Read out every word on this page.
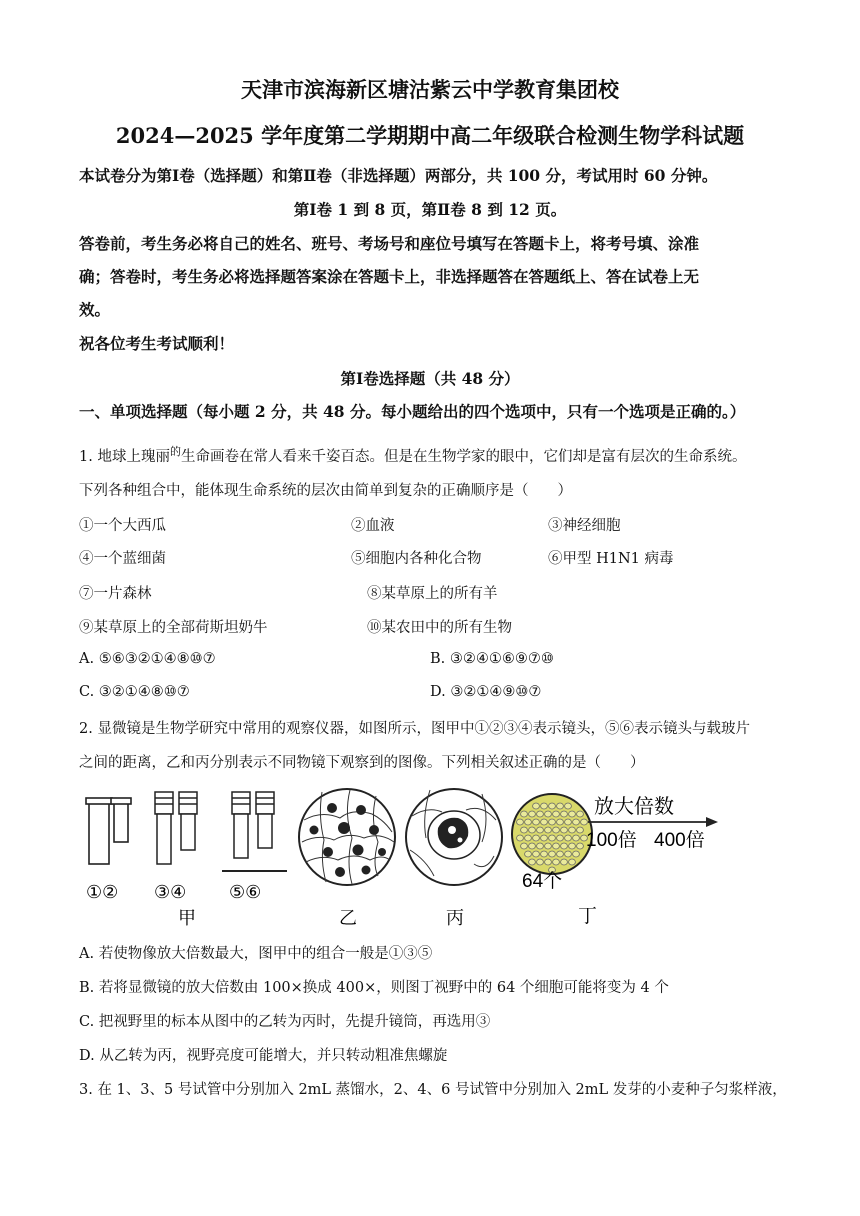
天津市滨海新区塘沽紫云中学教育集团校
2024—2025 学年度第二学期期中高二年级联合检测生物学科试题
本试卷分为第Ⅰ卷（选择题）和第Ⅱ卷（非选择题）两部分，共 100 分，考试用时 60 分钟。
第Ⅰ卷 1 到 8 页，第Ⅱ卷 8 到 12 页。
答卷前，考生务必将自己的姓名、班号、考场号和座位号填写在答题卡上，将考号填、涂准
确；答卷时，考生务必将选择题答案涂在答题卡上，非选择题答在答题纸上、答在试卷上无
效。
祝各位考生考试顺利！
第Ⅰ卷选择题（共 48 分）
一、单项选择题（每小题 2 分，共 48 分。每小题给出的四个选项中，只有一个选项是正确的。）
1. 地球上瑰丽$^的$生命画卷在常人看来千姿百态。但是在生物学家的眼中，它们却是富有层次的生命系统。
下列各种组合中，能体现生命系统的层次由简单到复杂的正确顺序是（　　）
①一个大西瓜	②血液	③神经细胞
④一个蓝细菌	⑤细胞内各种化合物	⑥甲型 H1N1 病毒
⑦一片森林	⑧某草原上的所有羊
⑨某草原上的全部荷斯坦奶牛	⑩某农田中的所有生物
A. ⑤⑥③②①④⑧⑩⑦	B. ③②④①⑥⑨⑦⑩
C. ③②①④⑧⑩⑦	D. ③②①④⑨⑩⑦
2. 显微镜是生物学研究中常用的观察仪器，如图所示，图甲中①②③④表示镜头，⑤⑥表示镜头与载玻片
之间的距离，乙和丙分别表示不同物镜下观察到的图像。下列相关叙述正确的是（　　）
①② ③④ ⑤⑥
甲	乙	丙
64个
丁
放大倍数
100倍 400倍
A. 若使物像放大倍数最大，图甲中的组合一般是①③⑤
B. 若将显微镜的放大倍数由 100×换成 400×，则图丁视野中的 64 个细胞可能将变为 4 个
C. 把视野里的标本从图中的乙转为丙时，先提升镜筒，再选用③
D. 从乙转为丙，视野亮度可能增大，并只转动粗准焦螺旋
3. 在 1、3、5 号试管中分别加入 2mL 蒸馏水，2、4、6 号试管中分别加入 2mL 发芽的小麦种子匀浆样液，
